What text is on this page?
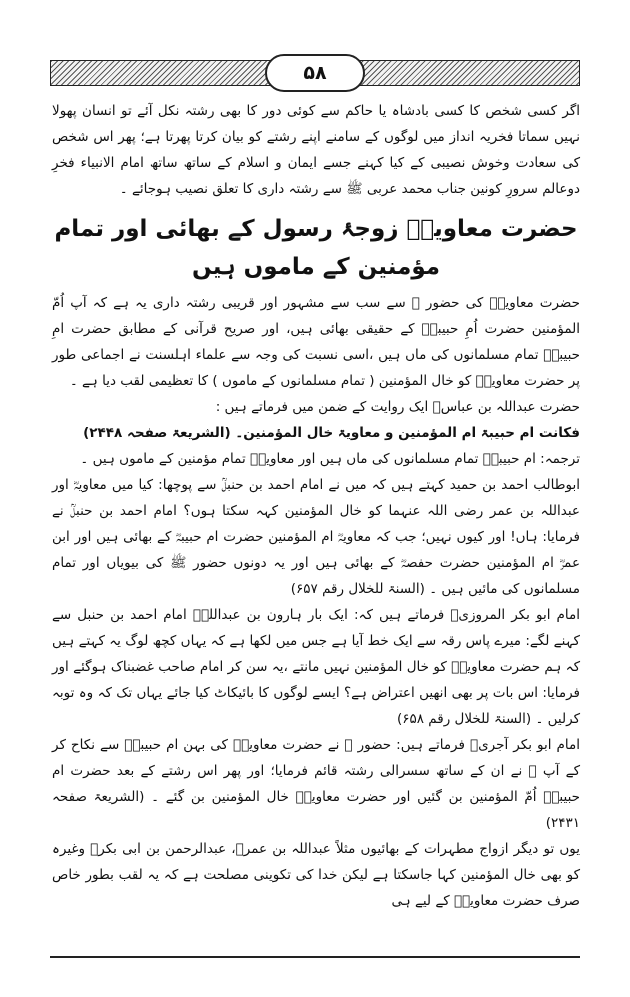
۵۸

اگر کسی شخص کا کسی بادشاہ یا حاکم سے کوئی دور کا بھی رشتہ نکل آئے تو انسان پھولا نہیں سماتا فخریہ انداز میں لوگوں کے سامنے اپنے رشتے کو بیان کرتا پھرتا ہے؛ پھر اس شخص کی سعادت وخوش نصیبی کے کیا کہنے جسے ایمان و اسلام کے ساتھ ساتھ امام الانبیاء فخرِ دوعالم سرورِ کونین جناب محمد عربی ﷺ سے رشتہ داری کا تعلق نصیب ہوجائے ۔

حضرت معاویہؓ زوجۂ رسول کے بھائی اور تمام مؤمنین کے ماموں ہیں

حضرت معاویہؓ کی حضور ﷺ سے سب سے مشہور اور قریبی رشتہ داری یہ ہے کہ آپ اُمّ المؤمنین حضرت اُمِ حبیبہؓ کے حقیقی بھائی ہیں، اور صریح قرآنی کے مطابق حضرت امِ حبیبہؓ تمام مسلمانوں کی ماں ہیں ،اسی نسبت کی وجہ سے علماء اہلسنت نے اجماعی طور پر حضرت معاویہؓ کو خال المؤمنین ( تمام مسلمانوں کے ماموں ) کا تعظیمی لقب دیا ہے ۔

حضرت عبداللہ بن عباسؓ ایک روایت کے ضمن میں فرماتے ہیں :

فکانت ام حبیبۃ ام المؤمنین و معاویۃ خال المؤمنین۔ (الشریعۃ صفحہ ۲۴۴۸)

ترجمہ: ام حبیبہؓ تمام مسلمانوں کی ماں ہیں اور معاویہؓ تمام مؤمنین کے ماموں ہیں ۔

ابوطالب احمد بن حمید کہتے ہیں کہ میں نے امام احمد بن حنبلؒ سے پوچھا: کیا میں معاویہؓ اور عبداللہ بن عمر رضی اللہ عنہما کو خال المؤمنین کہہ سکتا ہوں؟ امام احمد بن حنبلؒ نے فرمایا: ہاں! اور کیوں نہیں؛ جب کہ معاویہؓ ام المؤمنین حضرت ام حبیبہؓ کے بھائی ہیں اور ابن عمرؓ ام المؤمنین حضرت حفصہؓ کے بھائی ہیں اور یہ دونوں حضور ﷺ کی بیویاں اور تمام مسلمانوں کی مائیں ہیں ۔ (السنۃ للخلال رقم ۶۵۷)

امام ابو بکر المروزیؒ فرماتے ہیں کہ: ایک بار ہارون بن عبداللہؒ امام احمد بن حنبل سے کہنے لگے: میرے پاس رقہ سے ایک خط آیا ہے جس میں لکھا ہے کہ یہاں کچھ لوگ یہ کہتے ہیں کہ ہم حضرت معاویہؓ کو خال المؤمنین نہیں مانتے ،یہ سن کر امام صاحب غضبناک ہوگئے اور فرمایا: اس بات پر بھی انھیں اعتراض ہے؟ ایسے لوگوں کا بائیکاٹ کیا جائے یہاں تک کہ وہ توبہ کرلیں ۔ (السنۃ للخلال رقم ۶۵۸)

امام ابو بکر آجریؒ فرماتے ہیں: حضور ﷺ نے حضرت معاویہؓ کی بہن ام حبیبہؓ سے نکاح کر کے آپ ﷺ نے ان کے ساتھ سسرالی رشتہ قائم فرمایا؛ اور پھر اس رشتے کے بعد حضرت ام حبیبہؓ اُمّ المؤمنین بن گئیں اور حضرت معاویہؓ خال المؤمنین بن گئے ۔ (الشریعۃ صفحہ ۲۴۳۱)

یوں تو دیگر ازواج مطہرات کے بھائیوں مثلاً عبداللہ بن عمرؓ، عبدالرحمن بن ابی بکرؓ وغیرہ کو بھی خال المؤمنین کہا جاسکتا ہے لیکن خدا کی تکوینی مصلحت ہے کہ یہ لقب بطور خاص صرف حضرت معاویہؓ کے لیے ہی
